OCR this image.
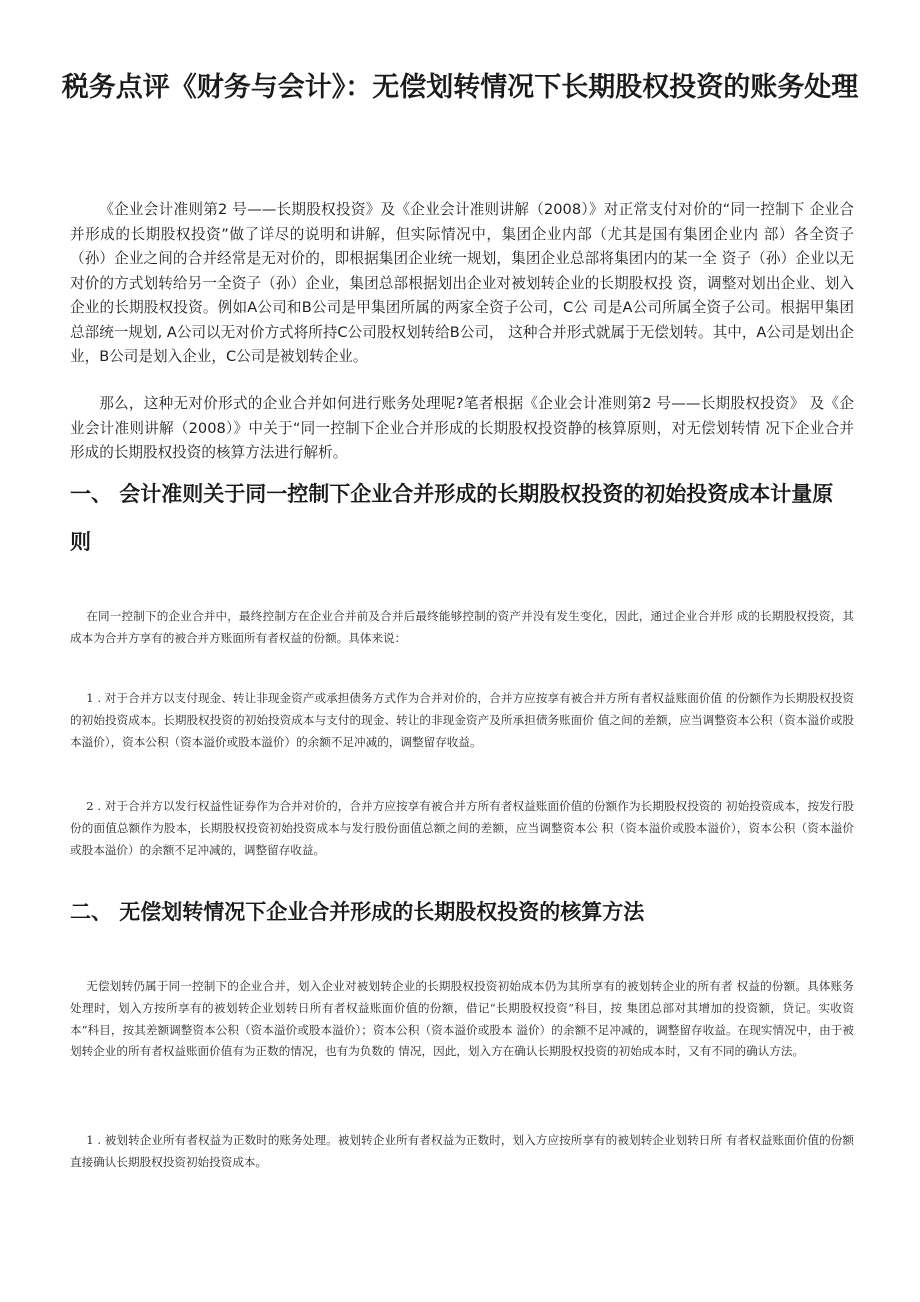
税务点评《财务与会计》：无偿划转情况下长期股权投资的账务处理

《企业会计准则第2 号——长期股权投资》及《企业会计准则讲解（2008）》对正常支付对价的“同一控制下 企业合并形成的长期股权投资”做了详尽的说明和讲解，但实际情况中，集团企业内部（尤其是国有集团企业内 部）各全资子（孙）企业之间的合并经常是无对价的，即根据集团企业统一规划，集团企业总部将集团内的某一全 资子（孙）企业以无对价的方式划转给另一全资子（孙）企业，集团总部根据划出企业对被划转企业的长期股权投 资，调整对划出企业、划入企业的长期股权投资。例如A公司和B公司是甲集团所属的两家全资子公司，C公 司是A公司所属全资子公司。根据甲集团总部统一规划, A公司以无对价方式将所持C公司股权划转给B公司， 这种合并形式就属于无偿划转。其中，A公司是划出企业，B公司是划入企业，C公司是被划转企业。

那么，这种无对价形式的企业合并如何进行账务处理呢?笔者根据《企业会计准则第2 号——长期股权投资》 及《企业会计准则讲解（2008）》中关于“同一控制下企业合并形成的长期股权投资静的核算原则，对无偿划转情 况下企业合并形成的长期股权投资的核算方法进行解析。

一、 会计准则关于同一控制下企业合并形成的长期股权投资的初始投资成本计量原则

在同一控制下的企业合并中，最终控制方在企业合并前及合并后最终能够控制的资产并没有发生变化，因此，通过企业合并形 成的长期股权投资，其成本为合并方享有的被合并方账面所有者权益的份额。具体来说：

1 . 对于合并方以支付现金、转让非现金资产或承担债务方式作为合并对价的，合并方应按享有被合并方所有者权益账面价值 的份额作为长期股权投资的初始投资成本。长期股权投资的初始投资成本与支付的现金、转让的非现金资产及所承担债务账面价 值之间的差额，应当调整资本公积（资本溢价或股本溢价），资本公积（资本溢价或股本溢价）的余额不足冲减的，调整留存收益。

2 . 对于合并方以发行权益性证券作为合并对价的，合并方应按享有被合并方所有者权益账面价值的份额作为长期股权投资的 初始投资成本，按发行股份的面值总额作为股本，长期股权投资初始投资成本与发行股份面值总额之间的差额，应当调整资本公 积（资本溢价或股本溢价），资本公积（资本溢价或股本溢价）的余额不足冲减的，调整留存收益。

二、 无偿划转情况下企业合并形成的长期股权投资的核算方法

无偿划转仍属于同一控制下的企业合并，划入企业对被划转企业的长期股权投资初始成本仍为其所享有的被划转企业的所有者 权益的份额。具体账务处理时，划入方按所享有的被划转企业划转日所有者权益账面价值的份额，借记“长期股权投资”科目，按 集团总部对其增加的投资额，贷记。实收资本”科目，按其差额调整资本公积（资本溢价或股本溢价）；资本公积（资本溢价或股本 溢价）的余额不足冲减的，调整留存收益。在现实情况中，由于被划转企业的所有者权益账面价值有为正数的情况，也有为负数的 情况，因此，划入方在确认长期股权投资的初始成本时，又有不同的确认方法。

1 . 被划转企业所有者权益为正数时的账务处理。被划转企业所有者权益为正数时，划入方应按所享有的被划转企业划转日所 有者权益账面价值的份额直接确认长期股权投资初始投资成本。
